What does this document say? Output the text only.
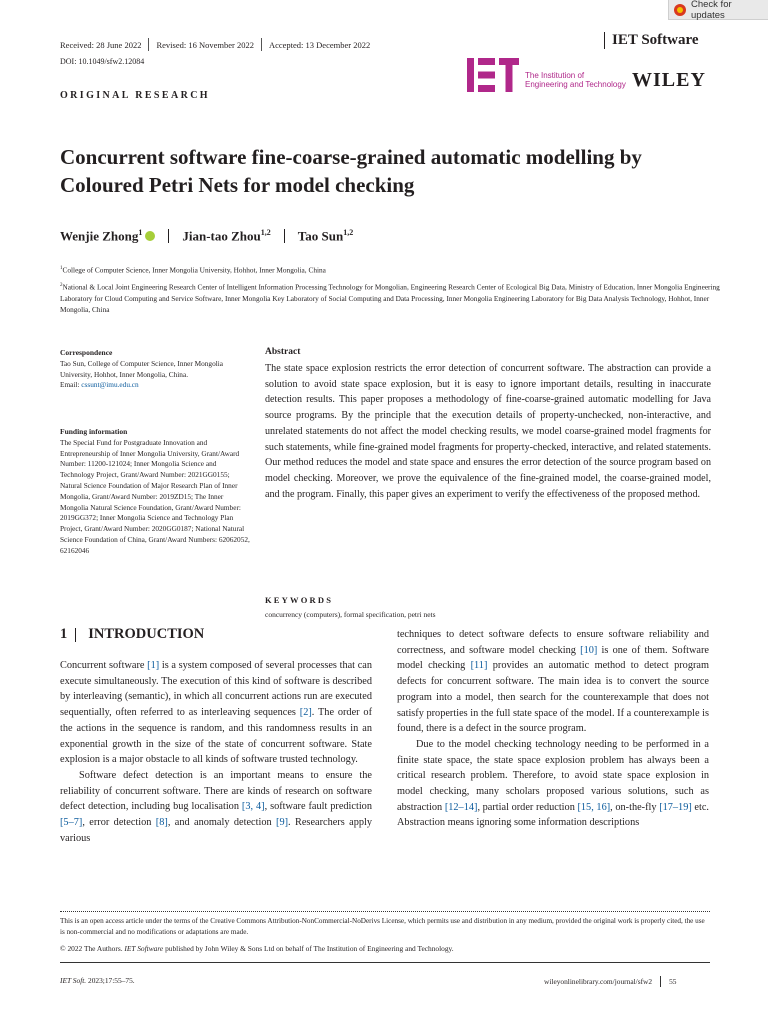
Check for updates
Received: 28 June 2022 Revised: 16 November 2022 Accepted: 13 December 2022	IET Software
DOI: 10.1049/sfw2.12084
The Institution of
Engineering and Technology WILEY
ORIGINAL RESEARCH
Concurrent software fine-coarse-grained automatic modelling by Coloured Petri Nets for model checking
Wenjie Zhong$^1$	Jian-tao Zhou$^{1,2}$ Tao Sun$^{1,2}$
$^1$College of Computer Science, Inner Mongolia University, Hohhot, Inner Mongolia, China
$^2$National & Local Joint Engineering Research Center of Intelligent Information Processing Technology for Mongolian, Engineering Research Center of Ecological Big Data, Ministry of Education, Inner Mongolia Engineering Laboratory for Cloud Computing and Service Software, Inner Mongolia Key Laboratory of Social Computing and Data Processing, Inner Mongolia Engineering Laboratory for Big Data Analysis Technology, Hohhot, Inner Mongolia, China
Correspondence
Tao Sun, College of Computer Science, Inner Mongolia University, Hohhot, Inner Mongolia, China.
Email: cssunt@imu.edu.cn
Funding information
The Special Fund for Postgraduate Innovation and Entrepreneurship of Inner Mongolia University, Grant/Award Number: 11200-121024; Inner Mongolia Science and Technology Project, Grant/Award Number: 2021GG0155; Natural Science Foundation of Major Research Plan of Inner Mongolia, Grant/Award Number: 2019ZD15; The Inner Mongolia Natural Science Foundation, Grant/Award Number: 2019GG372; Inner Mongolia Science and Technology Plan Project, Grant/Award Number: 2020GG0187; National Natural Science Foundation of China, Grant/Award Numbers: 62062052, 62162046
Abstract
The state space explosion restricts the error detection of concurrent software. The abstraction can provide a solution to avoid state space explosion, but it is easy to ignore important details, resulting in inaccurate detection results. This paper proposes a methodology of fine-coarse-grained automatic modelling for Java source programs. By the principle that the execution details of property-unchecked, non-interactive, and unrelated statements do not affect the model checking results, we model coarse-grained model fragments for such statements, while fine-grained model fragments for property-checked, interactive, and related statements. Our method reduces the model and state space and ensures the error detection of the source program based on model checking. Moreover, we prove the equivalence of the fine-grained model, the coarse-grained model, and the program. Finally, this paper gives an experiment to verify the effectiveness of the proposed method.
KEYWORDS
concurrency (computers), formal specification, petri nets
1 INTRODUCTION

Concurrent software [1] is a system composed of several processes that can execute simultaneously. The execution of this kind of software is described by interleaving (semantic), in which all concurrent actions run are executed sequentially, often referred to as interleaving sequences [2]. The order of the actions in the sequence is random, and this randomness results in an exponential growth in the size of the state of concurrent software. State explosion is a major obstacle to all kinds of software trusted technology.

Software defect detection is an important means to ensure the reliability of concurrent software. There are kinds of research on software defect detection, including bug localisation [3, 4], software fault prediction [5–7], error detection [8], and anomaly detection [9]. Researchers apply various

techniques to detect software defects to ensure software reliability and correctness, and software model checking [10] is one of them. Software model checking [11] provides an automatic method to detect program defects for concurrent software. The main idea is to convert the source program into a model, then search for the counterexample that does not satisfy properties in the full state space of the model. If a counterexample is found, there is a defect in the source program.

Due to the model checking technology needing to be performed in a finite state space, the state space explosion problem has always been a critical research problem. Therefore, to avoid state space explosion in model checking, many scholars proposed various solutions, such as abstraction [12–14], partial order reduction [15, 16], on-the-fly [17–19] etc. Abstraction means ignoring some information descriptions

This is an open access article under the terms of the Creative Commons Attribution-NonCommercial-NoDerivs License, which permits use and distribution in any medium, provided the original work is properly cited, the use is non-commercial and no modifications or adaptations are made.
© 2022 The Authors. IET Software published by John Wiley & Sons Ltd on behalf of The Institution of Engineering and Technology.
IET Soft. 2023;17:55–75.	wileyonlinelibrary.com/journal/sfw2 55
